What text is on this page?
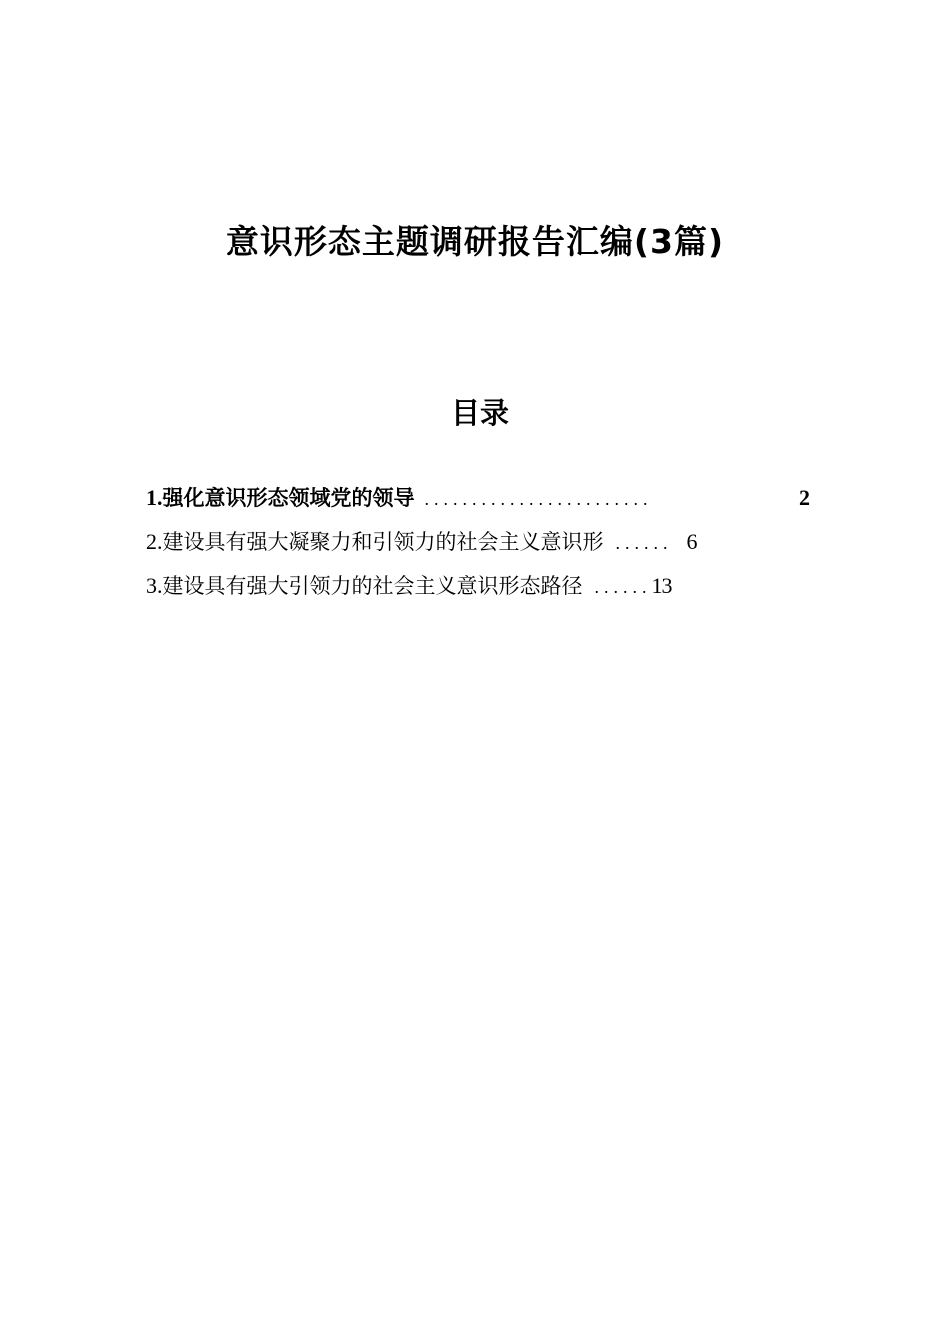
意识形态主题调研报告汇编(3篇)
目录
1. 强化意识形态领域党的领导 ........................	2
2. 建设具有强大凝聚力和引领力的社会主义意识形 ...... 6
3. 建设具有强大引领力的社会主义意识形态路径 ...... 13
